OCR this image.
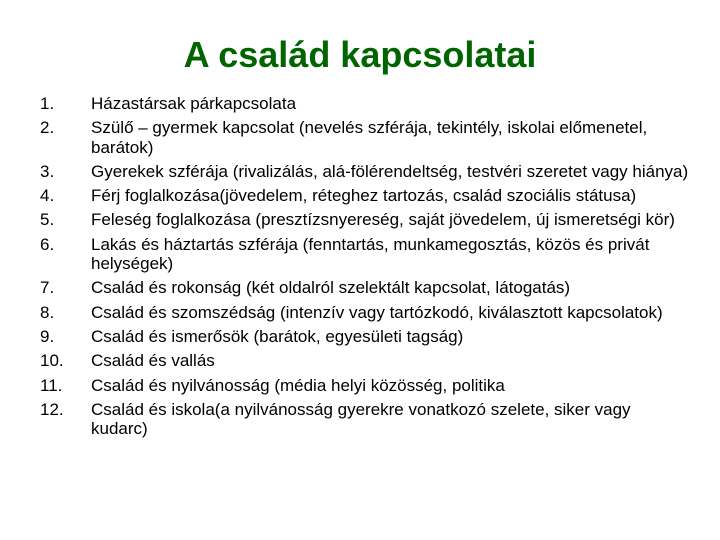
A család kapcsolatai
1.	Házastársak párkapcsolata
2.	Szülő – gyermek kapcsolat (nevelés szférája, tekintély, iskolai előmenetel, barátok)
3.	Gyerekek szférája (rivalizálás, alá-fölérendeltség, testvéri szeretet vagy hiánya)
4.	Férj foglalkozása(jövedelem, réteghez tartozás, család szociális státusa)
5.	Feleség foglalkozása (presztízsnyereség, saját jövedelem, új ismeretségi kör)
6.	Lakás és háztartás szférája (fenntartás, munkamegosztás, közös és privát helységek)
7.	Család és rokonság (két oldalról szelektált kapcsolat, látogatás)
8.	Család és szomszédság (intenzív vagy tartózkodó, kiválasztott kapcsolatok)
9.	Család és ismerősök (barátok, egyesületi tagság)
10.	Család és vallás
11.	Család és nyilvánosság (média helyi közösség, politika
12.	Család és iskola(a nyilvánosság gyerekre vonatkozó szelete, siker vagy kudarc)
